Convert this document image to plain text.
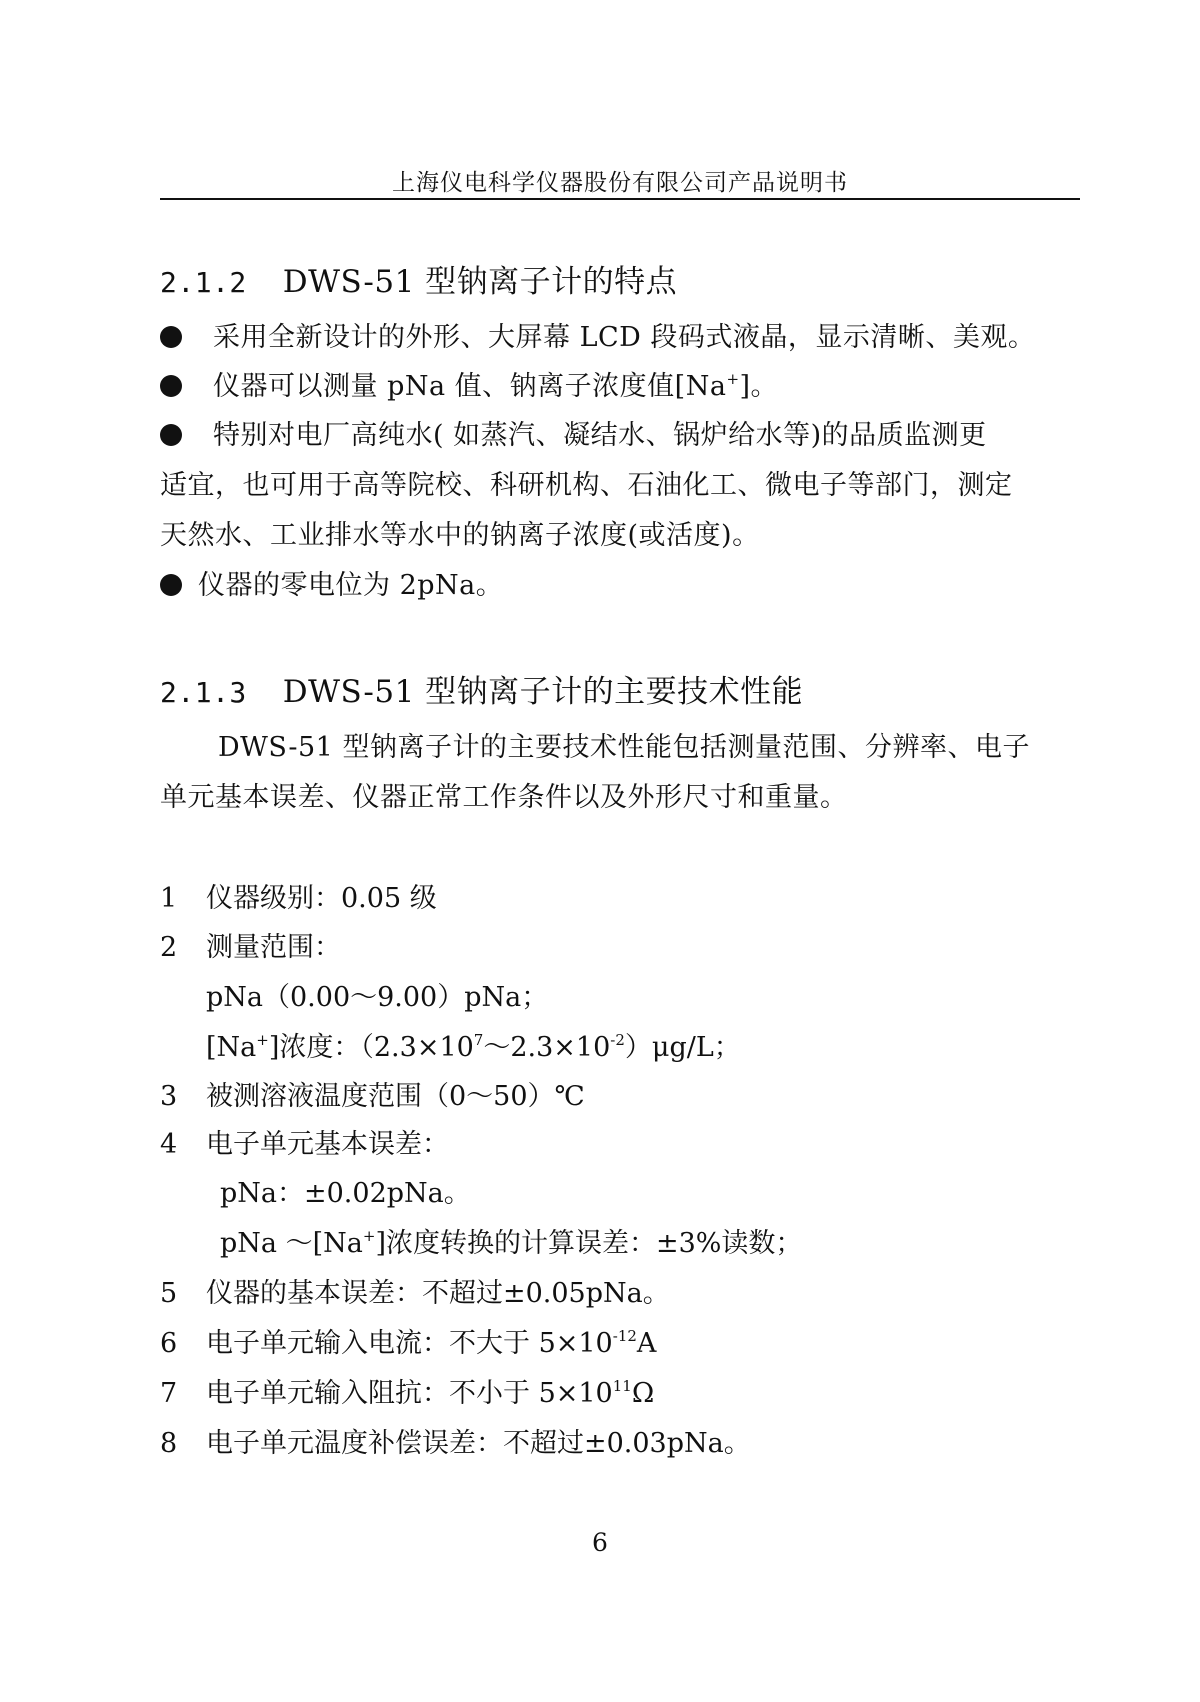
上海仪电科学仪器股份有限公司产品说明书
2.1.2 DWS-51 型钠离子计的特点
采用全新设计的外形、大屏幕 LCD 段码式液晶，显示清晰、美观。
仪器可以测量 pNa 值、钠离子浓度值[Na+]。
特别对电厂高纯水( 如蒸汽、凝结水、锅炉给水等)的品质监测更
适宜，也可用于高等院校、科研机构、石油化工、微电子等部门，测定
天然水、工业排水等水中的钠离子浓度(或活度)。
仪器的零电位为 2pNa。
2.1.3 DWS-51 型钠离子计的主要技术性能
DWS-51 型钠离子计的主要技术性能包括测量范围、分辨率、电子
单元基本误差、仪器正常工作条件以及外形尺寸和重量。
1 仪器级别：0.05 级
2 测量范围：
pNa（0.00～9.00）pNa；
[Na+]浓度：$(2.3\times 10^7\sim 2.3\times 10^{-2})\mu g/L$；
3 被测溶液温度范围（0～50）℃
4 电子单元基本误差：
pNa：±0.02pNa。
pNa ～[Na+]浓度转换的计算误差：±3%读数；
5 仪器的基本误差：不超过±0.05pNa。
6 电子单元输入电流：不大于 $5\times 10^{-12}A$
7 电子单元输入阻抗：不小于 $5\times 10^{11}\Omega$
8 电子单元温度补偿误差：不超过±0.03pNa。
6
